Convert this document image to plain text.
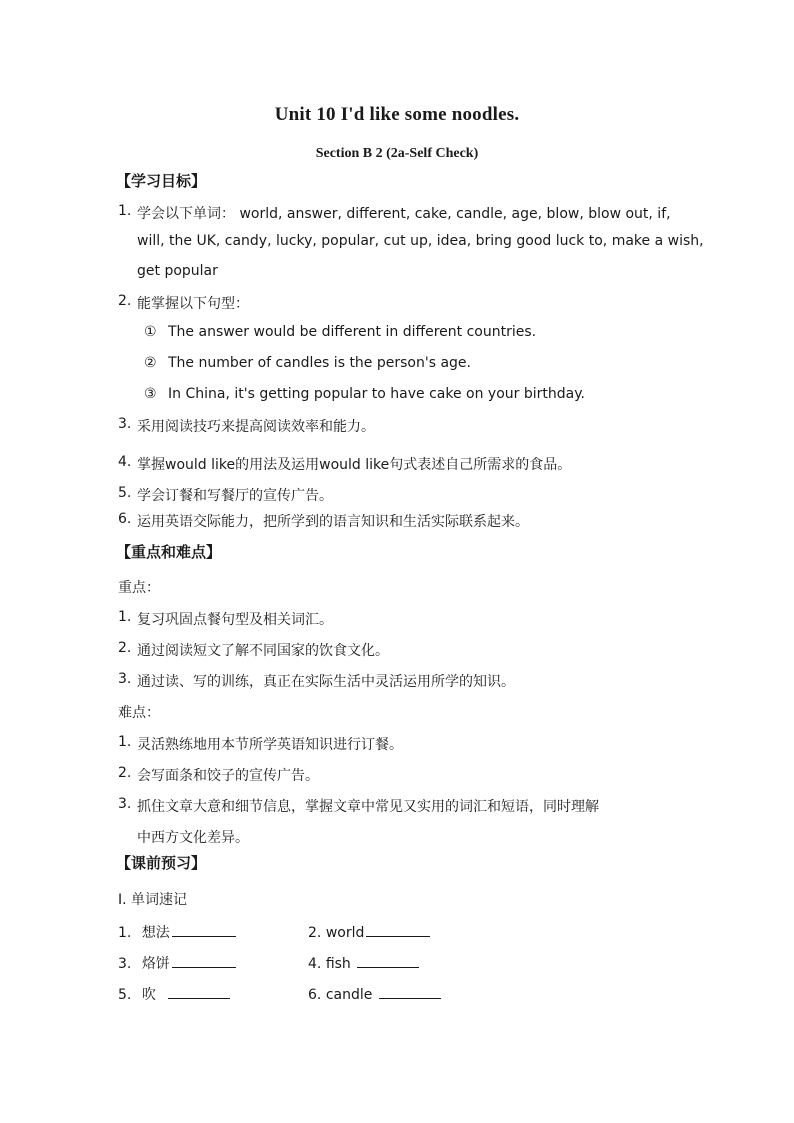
Unit 10 I'd like some noodles.
Section B 2 (2a-Self Check)
【学习目标】
1. 学会以下单词： world, answer, different, cake, candle, age, blow, blow out, if,
will, the UK, candy, lucky, popular, cut up, idea, bring good luck to, make a wish,
get popular
2. 能掌握以下句型：
① The answer would be different in different countries.
② The number of candles is the person's age.
③ In China, it's getting popular to have cake on your birthday.
3. 采用阅读技巧来提高阅读效率和能力。
4. 掌握would like的用法及运用would like句式表述自己所需求的食品。
5. 学会订餐和写餐厅的宣传广告。
6. 运用英语交际能力，把所学到的语言知识和生活实际联系起来。
【重点和难点】
重点：
1. 复习巩固点餐句型及相关词汇。
2. 通过阅读短文了解不同国家的饮食文化。
3. 通过读、写的训练，真正在实际生活中灵活运用所学的知识。
难点：
1. 灵活熟练地用本节所学英语知识进行订餐。
2. 会写面条和饺子的宣传广告。
3. 抓住文章大意和细节信息，掌握文章中常见又实用的词汇和短语，同时理解
中西方文化差异。
【课前预习】
I. 单词速记
1. 想法	2. world
3. 烙饼	4. fish
5. 吹	6. candle
